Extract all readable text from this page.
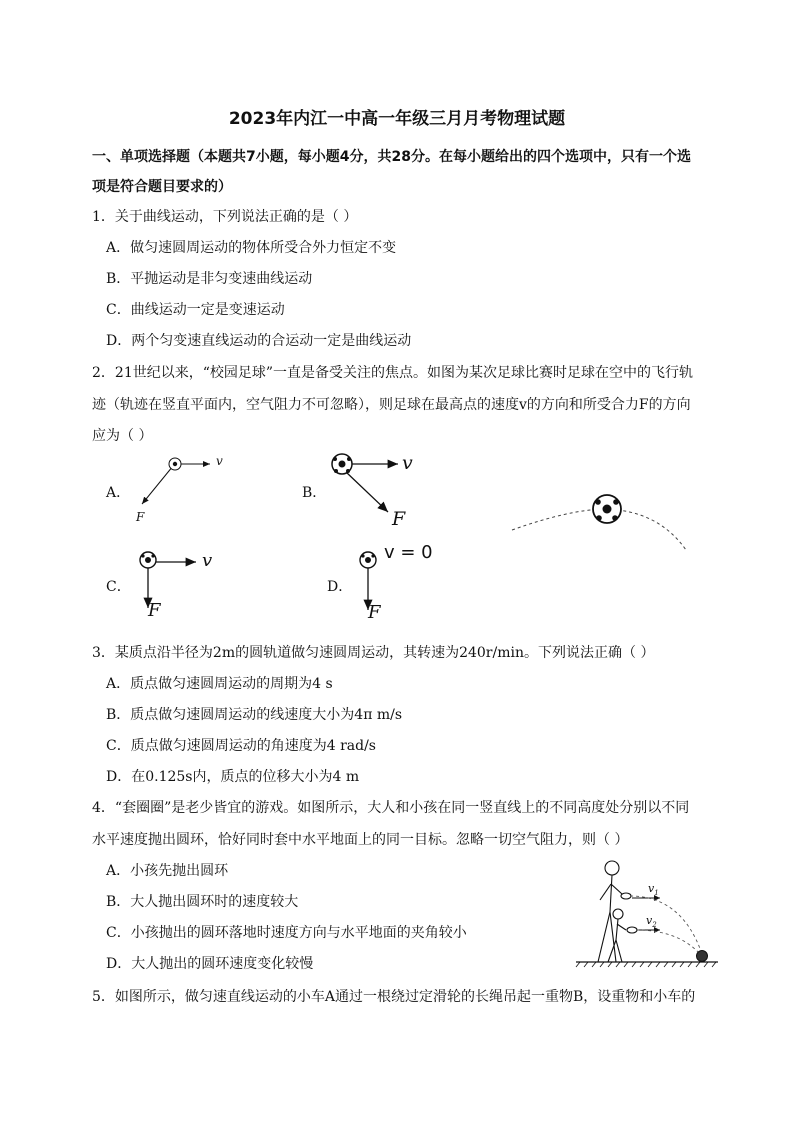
2023年内江一中高一年级三月月考物理试题
一、单项选择题（本题共7小题，每小题4分，共28分。在每小题给出的四个选项中，只有一个选
项是符合题目要求的）
1．关于曲线运动，下列说法正确的是（ ）
A．做匀速圆周运动的物体所受合外力恒定不变
B．平抛运动是非匀变速曲线运动
C．曲线运动一定是变速运动
D．两个匀变速直线运动的合运动一定是曲线运动
2．21世纪以来，“校园足球”一直是备受关注的焦点。如图为某次足球比赛时足球在空中的飞行轨
迹（轨迹在竖直平面内，空气阻力不可忽略），则足球在最高点的速度v的方向和所受合力F的方向
应为（ ）
A．
v
F
B．
v
F
C．
v
F
D．
v = 0
F
3．某质点沿半径为2m的圆轨道做匀速圆周运动，其转速为240r/min。下列说法正确（ ）
A．质点做匀速圆周运动的周期为4 s
B．质点做匀速圆周运动的线速度大小为4π m/s
C．质点做匀速圆周运动的角速度为4 rad/s
D．在0.125s内，质点的位移大小为4 m
4．“套圈圈”是老少皆宜的游戏。如图所示，大人和小孩在同一竖直线上的不同高度处分别以不同
水平速度抛出圆环，恰好同时套中水平地面上的同一目标。忽略一切空气阻力，则（ ）
A．小孩先抛出圆环
B．大人抛出圆环时的速度较大
C．小孩抛出的圆环落地时速度方向与水平地面的夹角较小
D．大人抛出的圆环速度变化较慢
$v_1$
$v_2$
5．如图所示，做匀速直线运动的小车A通过一根绕过定滑轮的长绳吊起一重物B，设重物和小车的
